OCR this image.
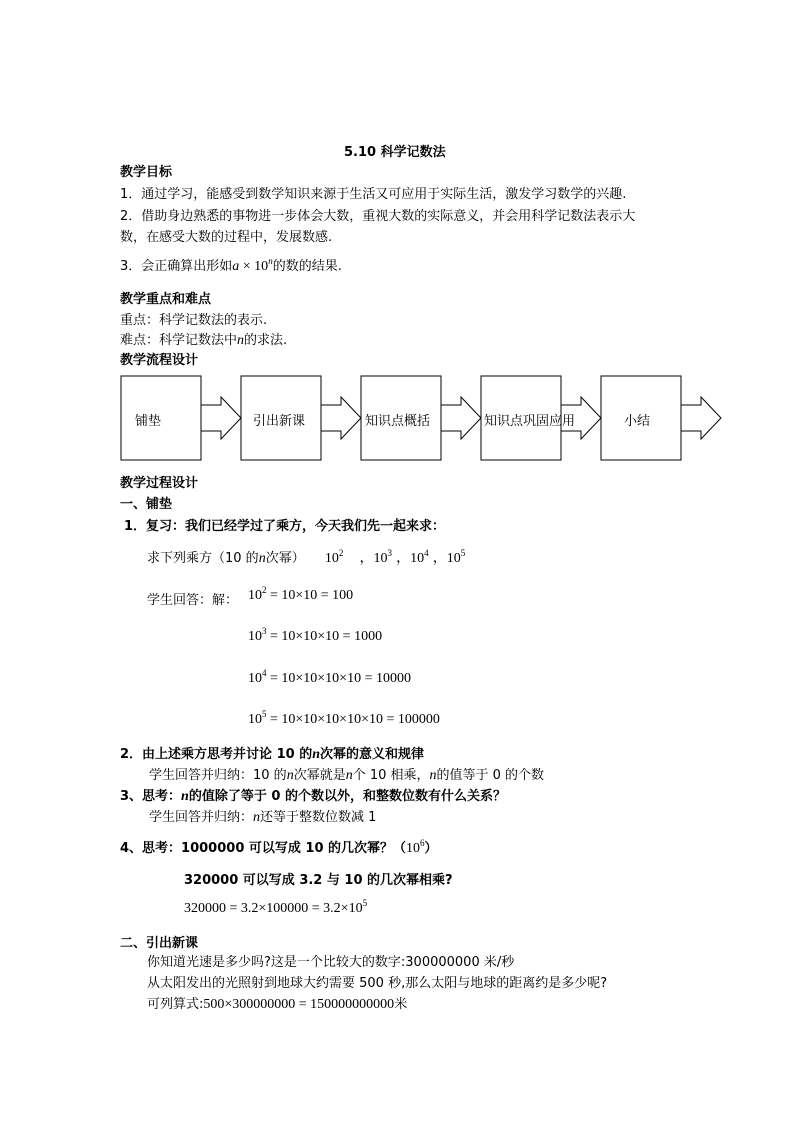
5.10 科学记数法
教学目标
1．通过学习，能感受到数学知识来源于生活又可应用于实际生活，激发学习数学的兴趣.
2．借助身边熟悉的事物进一步体会大数，重视大数的实际意义，并会用科学记数法表示大
数，在感受大数的过程中，发展数感.
3．会正确算出形如$a \times 10^n$的数的结果.
教学重点和难点
重点：科学记数法的表示.
难点：科学记数法中n的求法.
教学流程设计
铺垫	引出新课	知识点概括	知识点巩固应用	小结
教学过程设计
一、铺垫
1．复习：我们已经学过了乘方，今天我们先一起来求：
求下列乘方（10 的n次幂） $10^2$ ，$10^3$ ，$10^4$ ，$10^5$
学生回答：解： $10^2 = 10\times 10 = 100$
$10^3 = 10\times 10\times 10 = 1000$
$10^4 = 10\times 10\times 10\times 10 = 10000$
$10^5 = 10\times 10\times 10\times 10\times 10 = 100000$
2．由上述乘方思考并讨论 10 的n次幂的意义和规律
学生回答并归纳：10 的n次幂就是n个 10 相乘，n的值等于 0 的个数
3、思考：n的值除了等于 0 的个数以外，和整数位数有什么关系？
学生回答并归纳：n还等于整数位数减 1
4、思考：1000000 可以写成 10 的几次幂？$(10^6)$
320000 可以写成 3.2 与 10 的几次幂相乘?
$320000 = 3.2\times 100000 = 3.2\times 10^5$
二、引出新课
你知道光速是多少吗?这是一个比较大的数字:300000000 米/秒
从太阳发出的光照射到地球大约需要 500 秒,那么太阳与地球的距离约是多少呢?
可列算式:500×300000000 = 150000000000米
